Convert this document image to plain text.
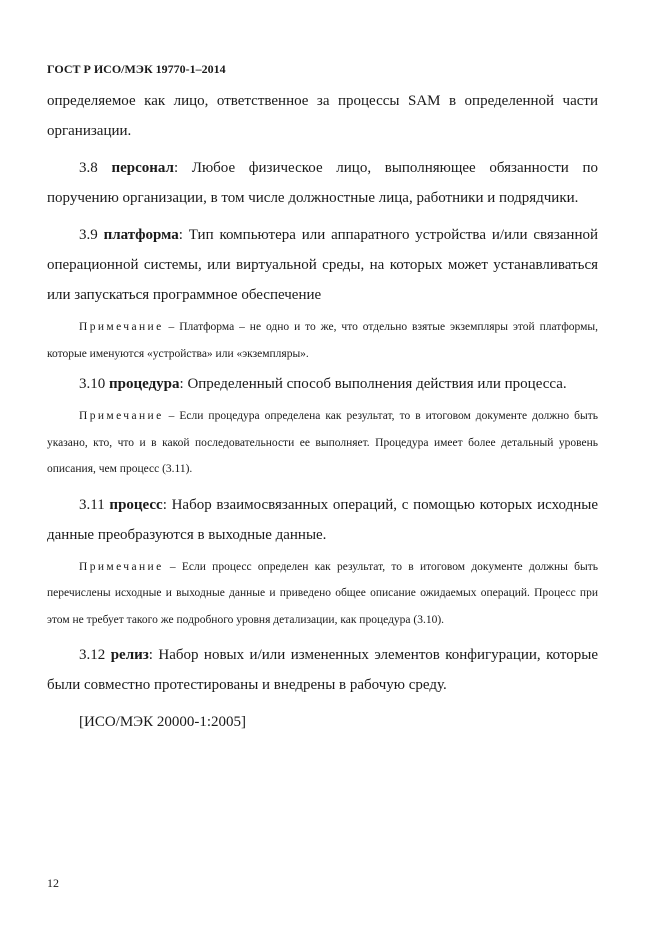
ГОСТ Р ИСО/МЭК 19770-1–2014

определяемое как лицо, ответственное за процессы SAM в определенной части организации.

3.8 персонал: Любое физическое лицо, выполняющее обязанности по поручению организации, в том числе должностные лица, работники и подрядчики.

3.9 платформа: Тип компьютера или аппаратного устройства и/или связанной операционной системы, или виртуальной среды, на которых может устанавливаться или запускаться программное обеспечение

Примечание – Платформа – не одно и то же, что отдельно взятые экземпляры этой платформы, которые именуются «устройства» или «экземпляры».

3.10 процедура: Определенный способ выполнения действия или процесса.

Примечание – Если процедура определена как результат, то в итоговом документе должно быть указано, кто, что и в какой последовательности ее выполняет. Процедура имеет более детальный уровень описания, чем процесс (3.11).

3.11 процесс: Набор взаимосвязанных операций, с помощью которых исходные данные преобразуются в выходные данные.

Примечание – Если процесс определен как результат, то в итоговом документе должны быть перечислены исходные и выходные данные и приведено общее описание ожидаемых операций. Процесс при этом не требует такого же подробного уровня детализации, как процедура (3.10).

3.12 релиз: Набор новых и/или измененных элементов конфигурации, которые были совместно протестированы и внедрены в рабочую среду.

[ИСО/МЭК 20000-1:2005]

12
